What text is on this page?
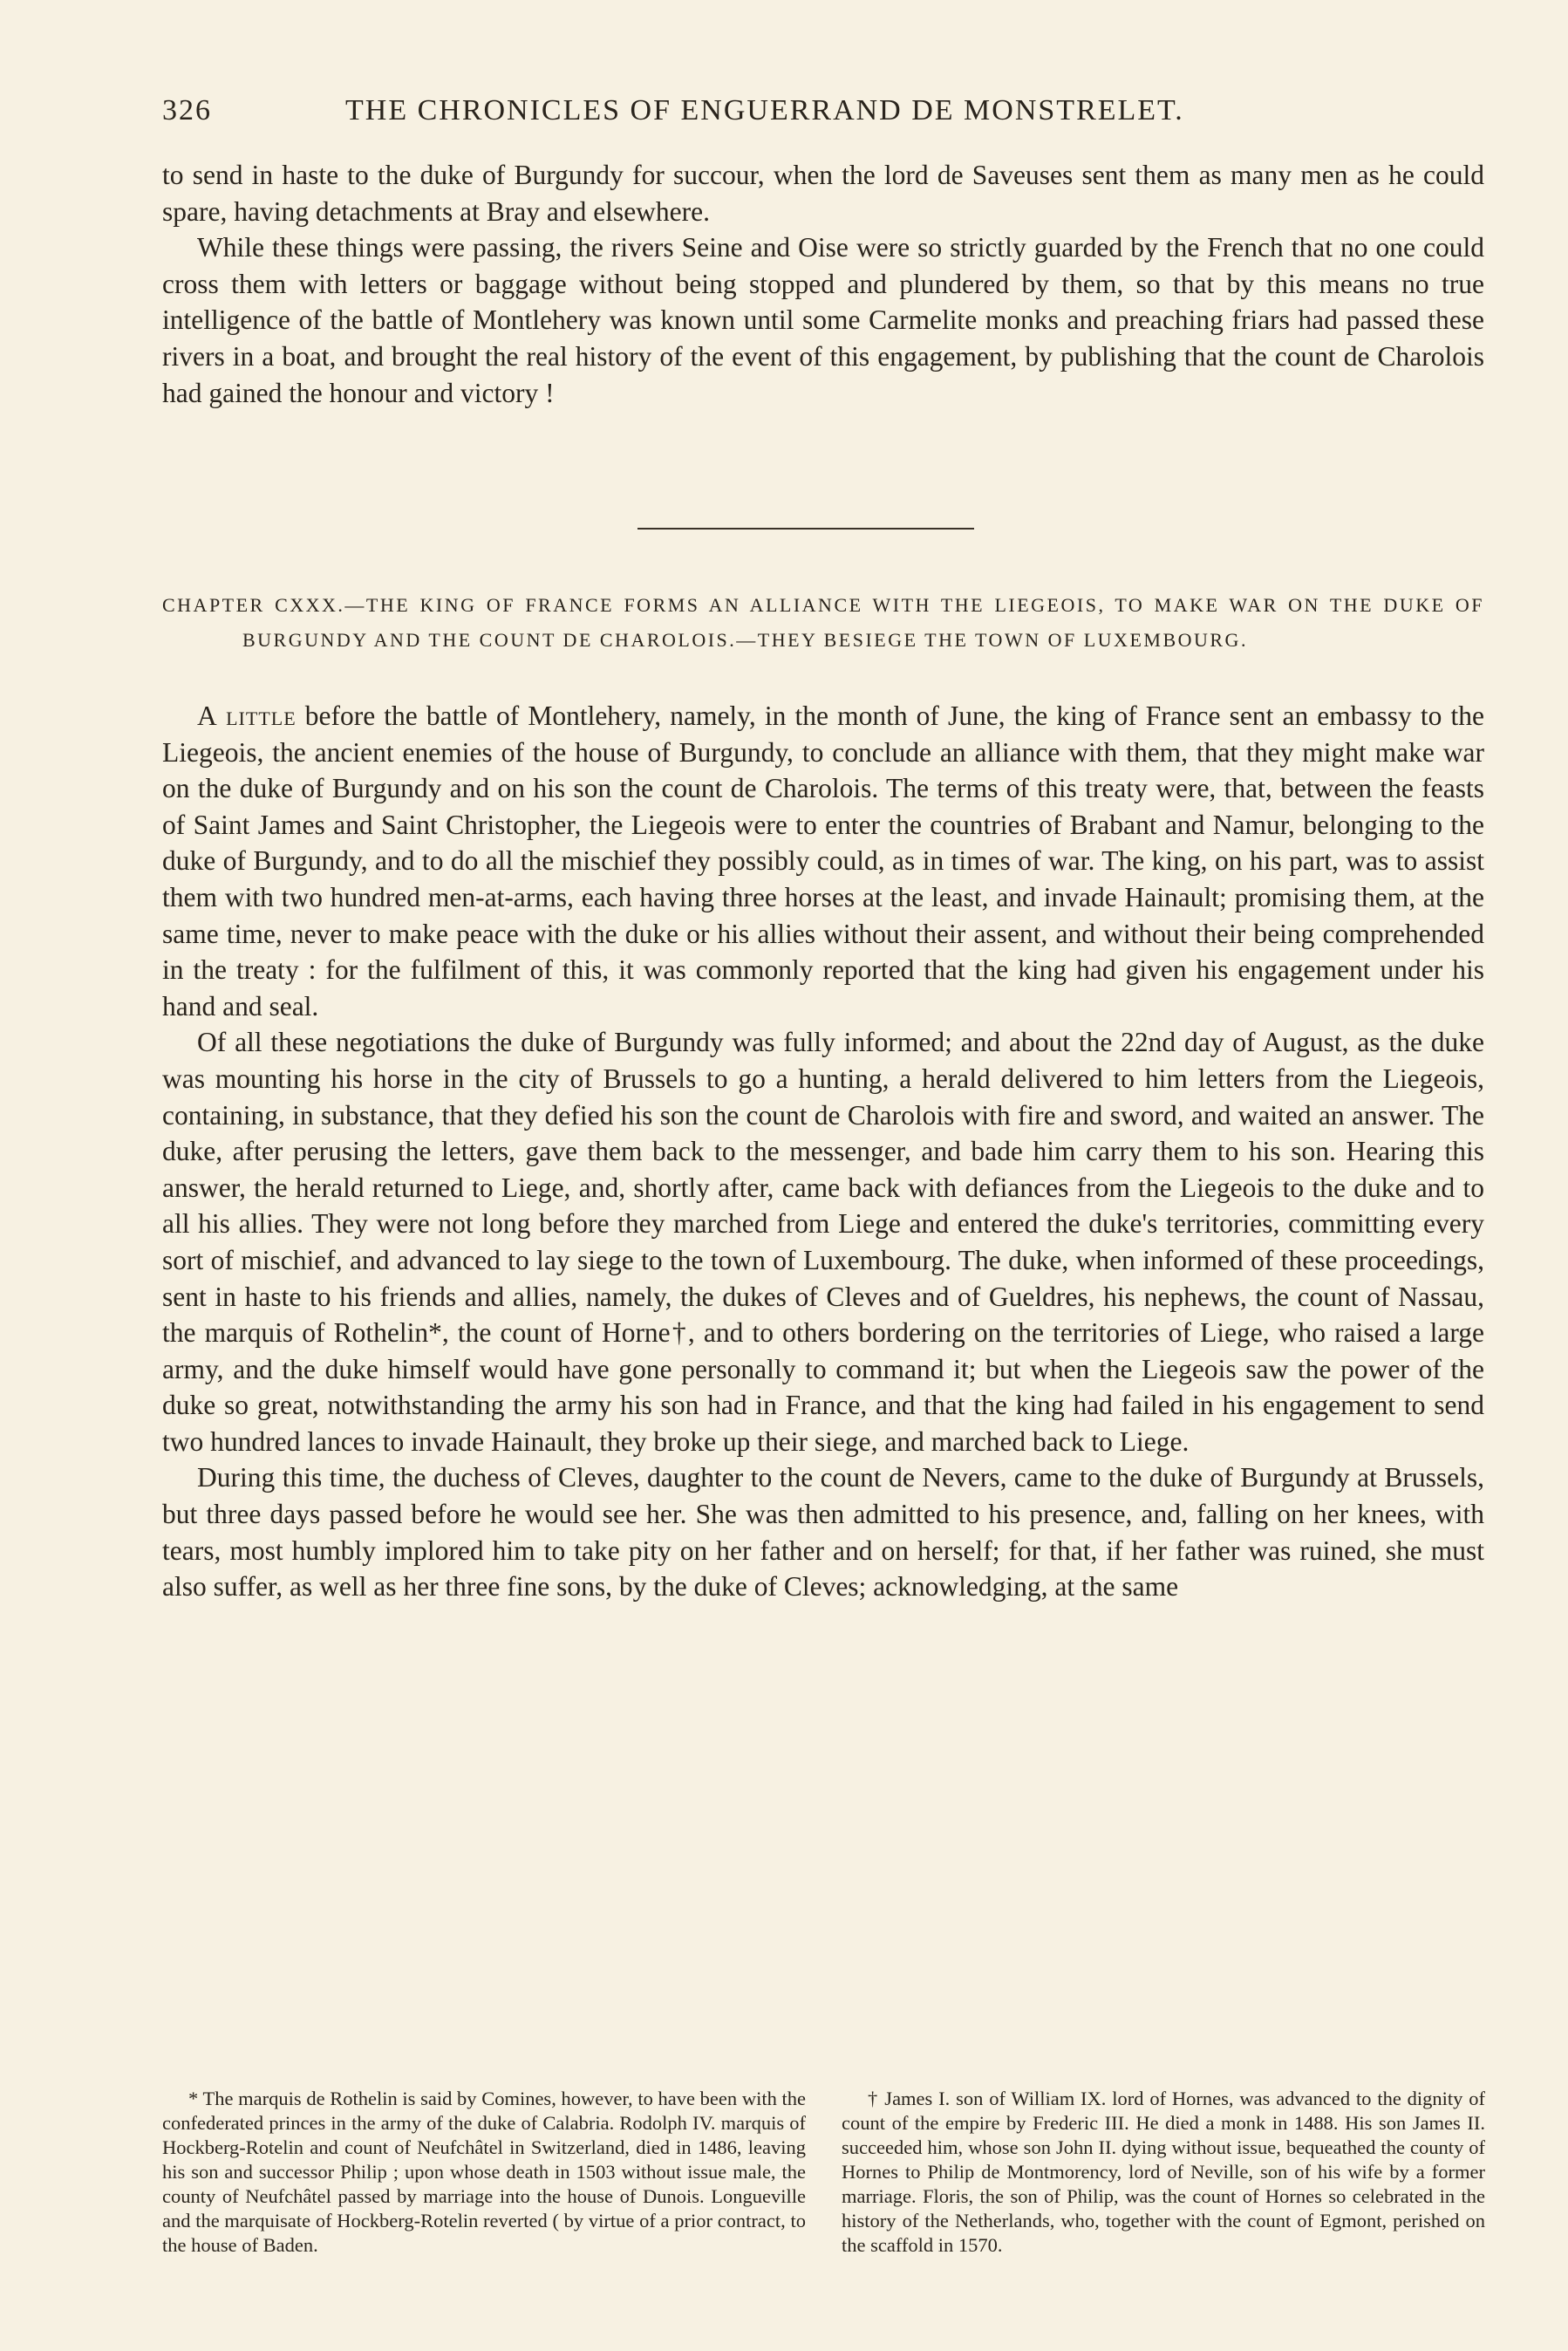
326	THE CHRONICLES OF ENGUERRAND DE MONSTRELET.

to send in haste to the duke of Burgundy for succour, when the lord de Saveuses sent them as many men as he could spare, having detachments at Bray and elsewhere.

While these things were passing, the rivers Seine and Oise were so strictly guarded by the French that no one could cross them with letters or baggage without being stopped and plundered by them, so that by this means no true intelligence of the battle of Montlehery was known until some Carmelite monks and preaching friars had passed these rivers in a boat, and brought the real history of the event of this engagement, by publishing that the count de Charolois had gained the honour and victory !

CHAPTER CXXX.—THE KING OF FRANCE FORMS AN ALLIANCE WITH THE LIEGEOIS, TO MAKE WAR ON THE DUKE OF BURGUNDY AND THE COUNT DE CHAROLOIS.—THEY BESIEGE THE TOWN OF LUXEMBOURG.

A little before the battle of Montlehery, namely, in the month of June, the king of France sent an embassy to the Liegeois, the ancient enemies of the house of Burgundy, to conclude an alliance with them, that they might make war on the duke of Burgundy and on his son the count de Charolois. The terms of this treaty were, that, between the feasts of Saint James and Saint Christopher, the Liegeois were to enter the countries of Brabant and Namur, belonging to the duke of Burgundy, and to do all the mischief they possibly could, as in times of war. The king, on his part, was to assist them with two hundred men-at-arms, each having three horses at the least, and invade Hainault; promising them, at the same time, never to make peace with the duke or his allies without their assent, and without their being comprehended in the treaty : for the fulfilment of this, it was commonly reported that the king had given his engagement under his hand and seal.

Of all these negotiations the duke of Burgundy was fully informed; and about the 22nd day of August, as the duke was mounting his horse in the city of Brussels to go a hunting, a herald delivered to him letters from the Liegeois, containing, in substance, that they defied his son the count de Charolois with fire and sword, and waited an answer. The duke, after perusing the letters, gave them back to the messenger, and bade him carry them to his son. Hearing this answer, the herald returned to Liege, and, shortly after, came back with defiances from the Liegeois to the duke and to all his allies. They were not long before they marched from Liege and entered the duke's territories, committing every sort of mischief, and advanced to lay siege to the town of Luxembourg. The duke, when informed of these proceedings, sent in haste to his friends and allies, namely, the dukes of Cleves and of Gueldres, his nephews, the count of Nassau, the marquis of Rothelin*, the count of Horne†, and to others bordering on the territories of Liege, who raised a large army, and the duke himself would have gone personally to command it; but when the Liegeois saw the power of the duke so great, notwithstanding the army his son had in France, and that the king had failed in his engagement to send two hundred lances to invade Hainault, they broke up their siege, and marched back to Liege.

During this time, the duchess of Cleves, daughter to the count de Nevers, came to the duke of Burgundy at Brussels, but three days passed before he would see her. She was then admitted to his presence, and, falling on her knees, with tears, most humbly implored him to take pity on her father and on herself; for that, if her father was ruined, she must also suffer, as well as her three fine sons, by the duke of Cleves; acknowledging, at the same

* The marquis de Rothelin is said by Comines, however, to have been with the confederated princes in the army of the duke of Calabria. Rodolph IV. marquis of Hockberg-Rotelin and count of Neufchâtel in Switzerland, died in 1486, leaving his son and successor Philip ; upon whose death in 1503 without issue male, the county of Neufchâtel passed by marriage into the house of Dunois. Longueville and the marquisate of Hockberg-Rotelin reverted ( by virtue of a prior contract, to the house of Baden.

† James I. son of William IX. lord of Hornes, was advanced to the dignity of count of the empire by Frederic III. He died a monk in 1488. His son James II. succeeded him, whose son John II. dying without issue, bequeathed the county of Hornes to Philip de Montmorency, lord of Neville, son of his wife by a former marriage. Floris, the son of Philip, was the count of Hornes so celebrated in the history of the Netherlands, who, together with the count of Egmont, perished on the scaffold in 1570.
